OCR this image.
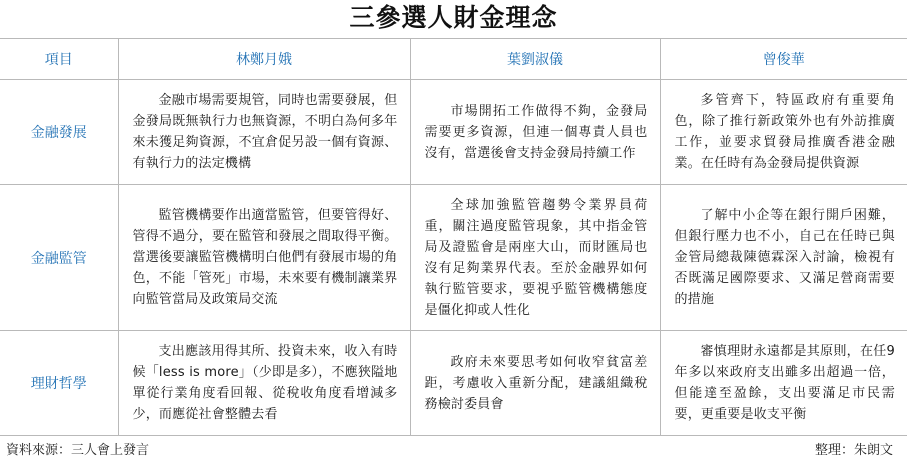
三參選人財金理念
項目	林鄭月娥	葉劉淑儀	曾俊華
金融發展	金融市場需要規管，同時也需要發展，但金發局既無執行力也無資源，不明白為何多年來未獲足夠資源，不宜倉促另設一個有資源、有執行力的法定機構	市場開拓工作做得不夠，金發局需要更多資源，但連一個專責人員也沒有，當選後會支持金發局持續工作	多管齊下，特區政府有重要角色，除了推行新政策外也有外訪推廣工作，並要求貿發局推廣香港金融業。在任時有為金發局提供資源
金融監管	監管機構要作出適當監管，但要管得好、管得不過分，要在監管和發展之間取得平衡。當選後要讓監管機構明白他們有發展市場的角色，不能「管死」市場，未來要有機制讓業界向監管當局及政策局交流	全球加強監管趨勢令業界員荷重，關注過度監管現象，其中指金管局及證監會是兩座大山，而財匯局也沒有足夠業界代表。至於金融界如何執行監管要求，要視乎監管機構態度是僵化抑或人性化	了解中小企等在銀行開戶困難，但銀行壓力也不小，自己在任時已與金管局總裁陳德霖深入討論，檢視有否既滿足國際要求、又滿足營商需要的措施
理財哲學	支出應該用得其所、投資未來，收入有時候「less is more」（少即是多），不應狹隘地單從行業角度看回報、從稅收角度看增減多少，而應從社會整體去看	政府未來要思考如何收窄貧富差距，考慮收入重新分配，建議組織稅務檢討委員會	審慎理財永遠都是其原則，在任9年多以來政府支出雖多出超過一倍，但能達至盈餘，支出要滿足市民需要，更重要是收支平衡
資料來源：三人會上發言	整理：朱朗文
